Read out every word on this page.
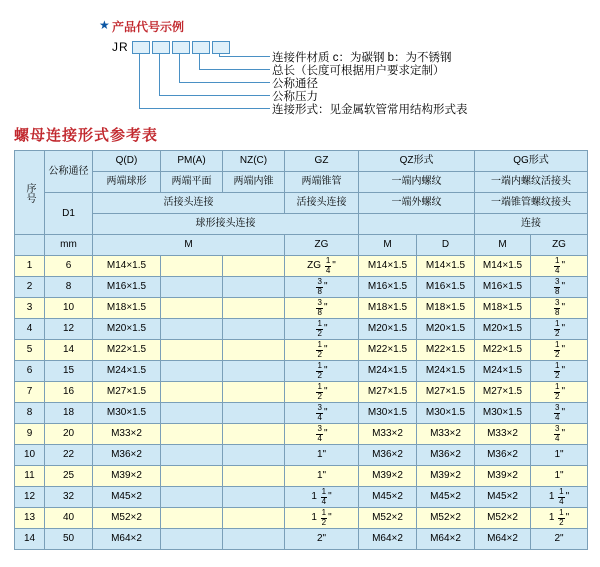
★ 产品代号示例
JR
连接件材质 c：为碳钢 b：为不锈钢
总长（长度可根据用户要求定制）
公称通径
公称压力
连接形式：见金属软管常用结构形式表
螺母连接形式参考表
序号	公称通径	Q(D)	PM(A)	NZ(C)	GZ	QZ形式		QG形式	
		两端球形	两端平面	两端内锥	两端锥管	一端内螺纹		一端内螺纹活接头	
	D1	活接头连接			活接头连接	一端外螺纹		一端锥管螺纹接头	
		球形接头连接						连接	
	mm	M			ZG	M	D	M	ZG
1	6	M14×1.5			ZG $\frac{1}{4}$ "	M14×1.5	M14×1.5	M14×1.5	$\frac{1}{4}$ "
2	8	M16×1.5			$\frac{3}{8}$ "	M16×1.5	M16×1.5	M16×1.5	$\frac{3}{8}$ "
3	10	M18×1.5			$\frac{3}{8}$ "	M18×1.5	M18×1.5	M18×1.5	$\frac{3}{8}$ "
4	12	M20×1.5			$\frac{1}{2}$ "	M20×1.5	M20×1.5	M20×1.5	$\frac{1}{2}$ "
5	14	M22×1.5			$\frac{1}{2}$ "	M22×1.5	M22×1.5	M22×1.5	$\frac{1}{2}$ "
6	15	M24×1.5			$\frac{1}{2}$ "	M24×1.5	M24×1.5	M24×1.5	$\frac{1}{2}$ "
7	16	M27×1.5			$\frac{1}{2}$ "	M27×1.5	M27×1.5	M27×1.5	$\frac{1}{2}$ "
8	18	M30×1.5			$\frac{3}{4}$ "	M30×1.5	M30×1.5	M30×1.5	$\frac{3}{4}$ "
9	20	M33×2			$\frac{3}{4}$ "	M33×2	M33×2	M33×2	$\frac{3}{4}$ "
10	22	M36×2			1"	M36×2	M36×2	M36×2	1"
11	25	M39×2			1"	M39×2	M39×2	M39×2	1"
12	32	M45×2			$1 \frac{1}{4}$ "	M45×2	M45×2	M45×2	$1 \frac{1}{4}$ "
13	40	M52×2			$1 \frac{1}{2}$ "	M52×2	M52×2	M52×2	$1 \frac{1}{2}$ "
14	50	M64×2			2"	M64×2	M64×2	M64×2	2"
